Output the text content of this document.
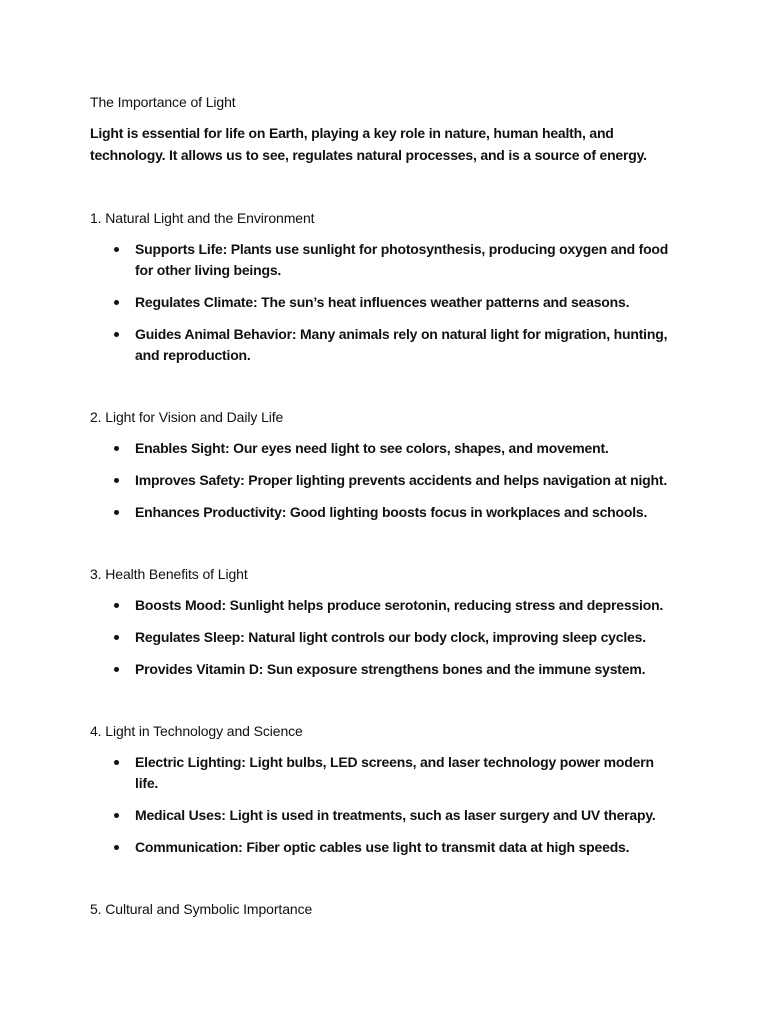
The Importance of Light

Light is essential for life on Earth, playing a key role in nature, human health, and technology. It allows us to see, regulates natural processes, and is a source of energy.

1. Natural Light and the Environment

Supports Life: Plants use sunlight for photosynthesis, producing oxygen and food for other living beings.
Regulates Climate: The sun’s heat influences weather patterns and seasons.
Guides Animal Behavior: Many animals rely on natural light for migration, hunting, and reproduction.

2. Light for Vision and Daily Life

Enables Sight: Our eyes need light to see colors, shapes, and movement.
Improves Safety: Proper lighting prevents accidents and helps navigation at night.
Enhances Productivity: Good lighting boosts focus in workplaces and schools.

3. Health Benefits of Light

Boosts Mood: Sunlight helps produce serotonin, reducing stress and depression.
Regulates Sleep: Natural light controls our body clock, improving sleep cycles.
Provides Vitamin D: Sun exposure strengthens bones and the immune system.

4. Light in Technology and Science

Electric Lighting: Light bulbs, LED screens, and laser technology power modern life.
Medical Uses: Light is used in treatments, such as laser surgery and UV therapy.
Communication: Fiber optic cables use light to transmit data at high speeds.

5. Cultural and Symbolic Importance
